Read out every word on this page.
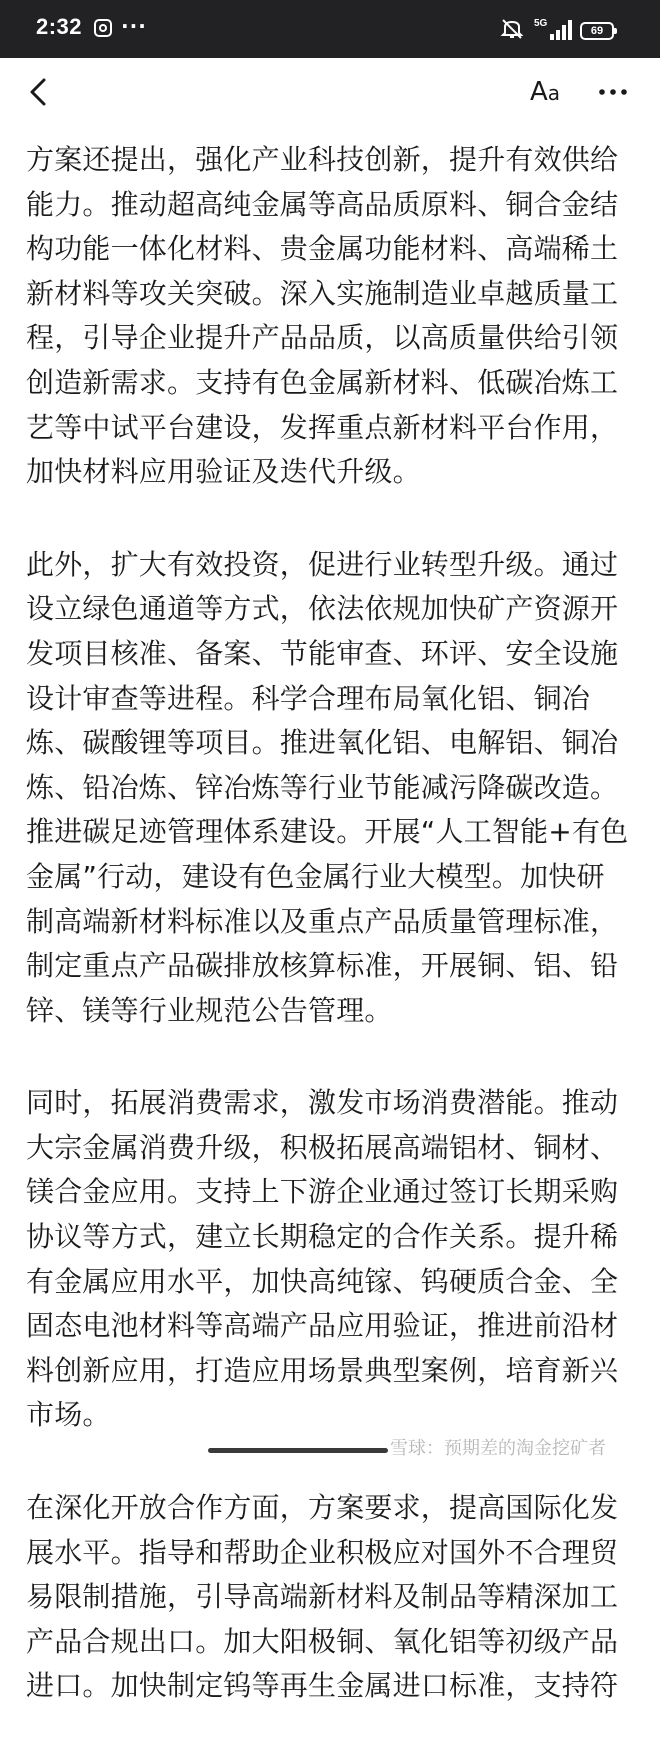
2:32 ···	5G
69
Aa

方案还提出，强化产业科技创新，提升有效供给
能力。推动超高纯金属等高品质原料、铜合金结
构功能一体化材料、贵金属功能材料、高端稀土
新材料等攻关突破。深入实施制造业卓越质量工
程，引导企业提升产品品质，以高质量供给引领
创造新需求。支持有色金属新材料、低碳冶炼工
艺等中试平台建设，发挥重点新材料平台作用，
加快材料应用验证及迭代升级。

此外，扩大有效投资，促进行业转型升级。通过
设立绿色通道等方式，依法依规加快矿产资源开
发项目核准、备案、节能审查、环评、安全设施
设计审查等进程。科学合理布局氧化铝、铜冶
炼、碳酸锂等项目。推进氧化铝、电解铝、铜冶
炼、铅冶炼、锌冶炼等行业节能减污降碳改造。
推进碳足迹管理体系建设。开展“人工智能+有色
金属”行动，建设有色金属行业大模型。加快研
制高端新材料标准以及重点产品质量管理标准，
制定重点产品碳排放核算标准，开展铜、铝、铅
锌、镁等行业规范公告管理。

同时，拓展消费需求，激发市场消费潜能。推动
大宗金属消费升级，积极拓展高端铝材、铜材、
镁合金应用。支持上下游企业通过签订长期采购
协议等方式，建立长期稳定的合作关系。提升稀
有金属应用水平，加快高纯镓、钨硬质合金、全
固态电池材料等高端产品应用验证，推进前沿材
料创新应用，打造应用场景典型案例，培育新兴
市场。

在深化开放合作方面，方案要求，提高国际化发
展水平。指导和帮助企业积极应对国外不合理贸
易限制措施，引导高端新材料及制品等精深加工
产品合规出口。加大阳极铜、氧化铝等初级产品
进口。加快制定钨等再生金属进口标准，支持符

雪球：预期差的淘金挖矿者
